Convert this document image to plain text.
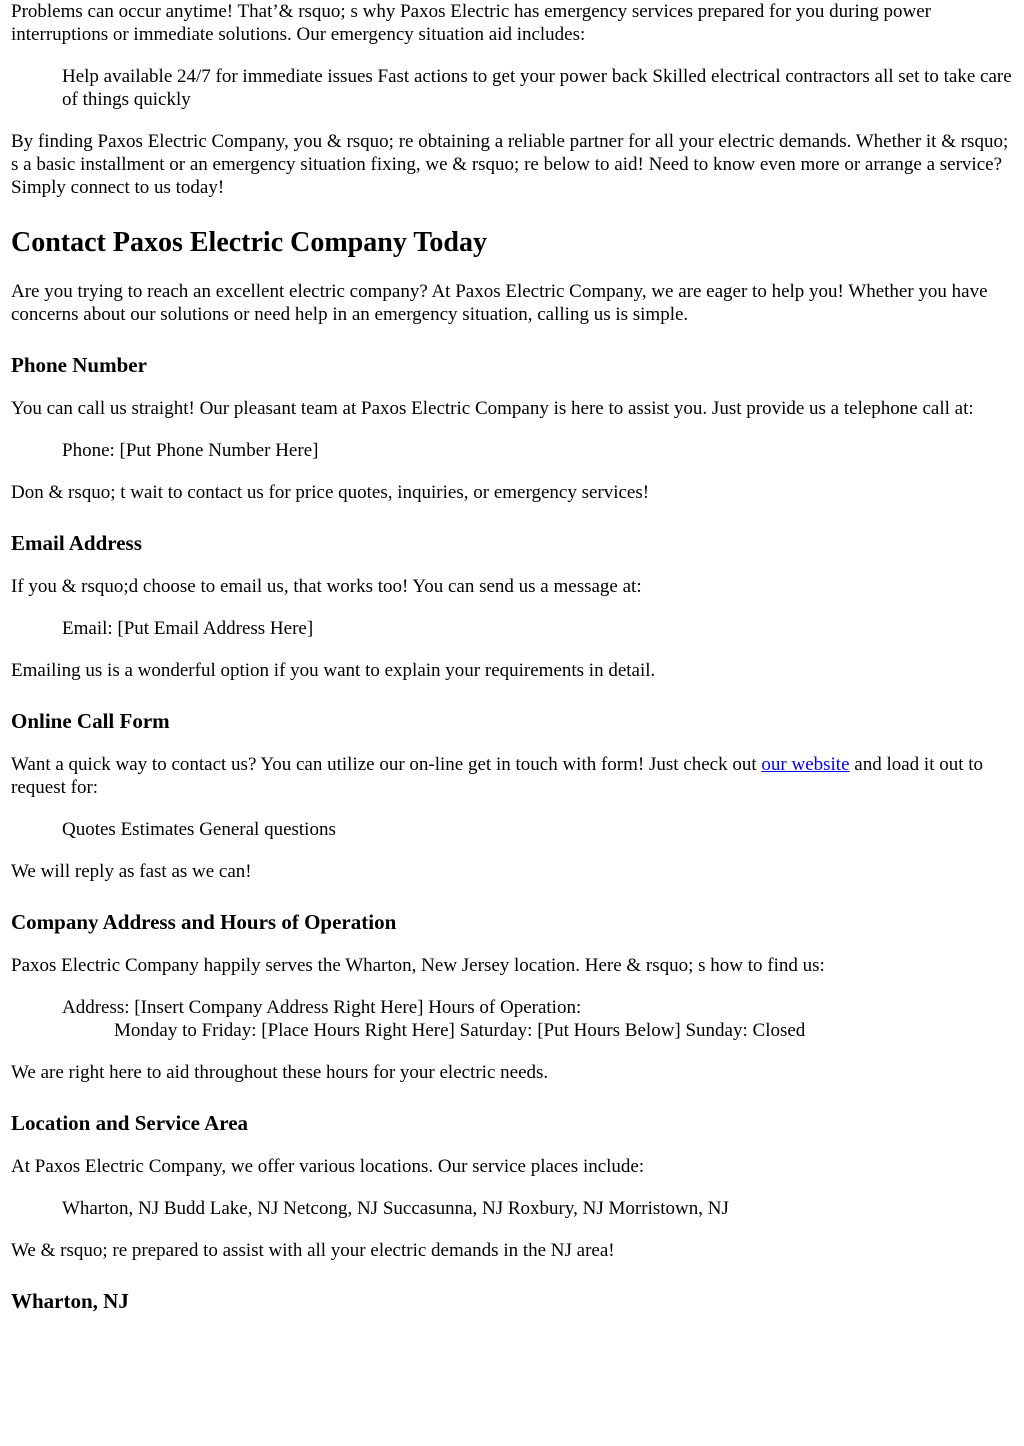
Problems can occur anytime! That’& rsquo; s why Paxos Electric has emergency services prepared for you during power interruptions or immediate solutions. Our emergency situation aid includes:

Help available 24/7 for immediate issues Fast actions to get your power back Skilled electrical contractors all set to take care of things quickly

By finding Paxos Electric Company, you & rsquo; re obtaining a reliable partner for all your electric demands. Whether it & rsquo; s a basic installment or an emergency situation fixing, we & rsquo; re below to aid! Need to know even more or arrange a service? Simply connect to us today!

Contact Paxos Electric Company Today

Are you trying to reach an excellent electric company? At Paxos Electric Company, we are eager to help you! Whether you have concerns about our solutions or need help in an emergency situation, calling us is simple.

Phone Number

You can call us straight! Our pleasant team at Paxos Electric Company is here to assist you. Just provide us a telephone call at:

Phone: [Put Phone Number Here]

Don & rsquo; t wait to contact us for price quotes, inquiries, or emergency services!

Email Address

If you & rsquo;d choose to email us, that works too! You can send us a message at:

Email: [Put Email Address Here]

Emailing us is a wonderful option if you want to explain your requirements in detail.

Online Call Form

Want a quick way to contact us? You can utilize our on-line get in touch with form! Just check out our website and load it out to request for:

Quotes Estimates General questions

We will reply as fast as we can!

Company Address and Hours of Operation

Paxos Electric Company happily serves the Wharton, New Jersey location. Here & rsquo; s how to find us:

Address: [Insert Company Address Right Here] Hours of Operation:
Monday to Friday: [Place Hours Right Here] Saturday: [Put Hours Below] Sunday: Closed

We are right here to aid throughout these hours for your electric needs.

Location and Service Area

At Paxos Electric Company, we offer various locations. Our service places include:

Wharton, NJ Budd Lake, NJ Netcong, NJ Succasunna, NJ Roxbury, NJ Morristown, NJ

We & rsquo; re prepared to assist with all your electric demands in the NJ area!

Wharton, NJ
